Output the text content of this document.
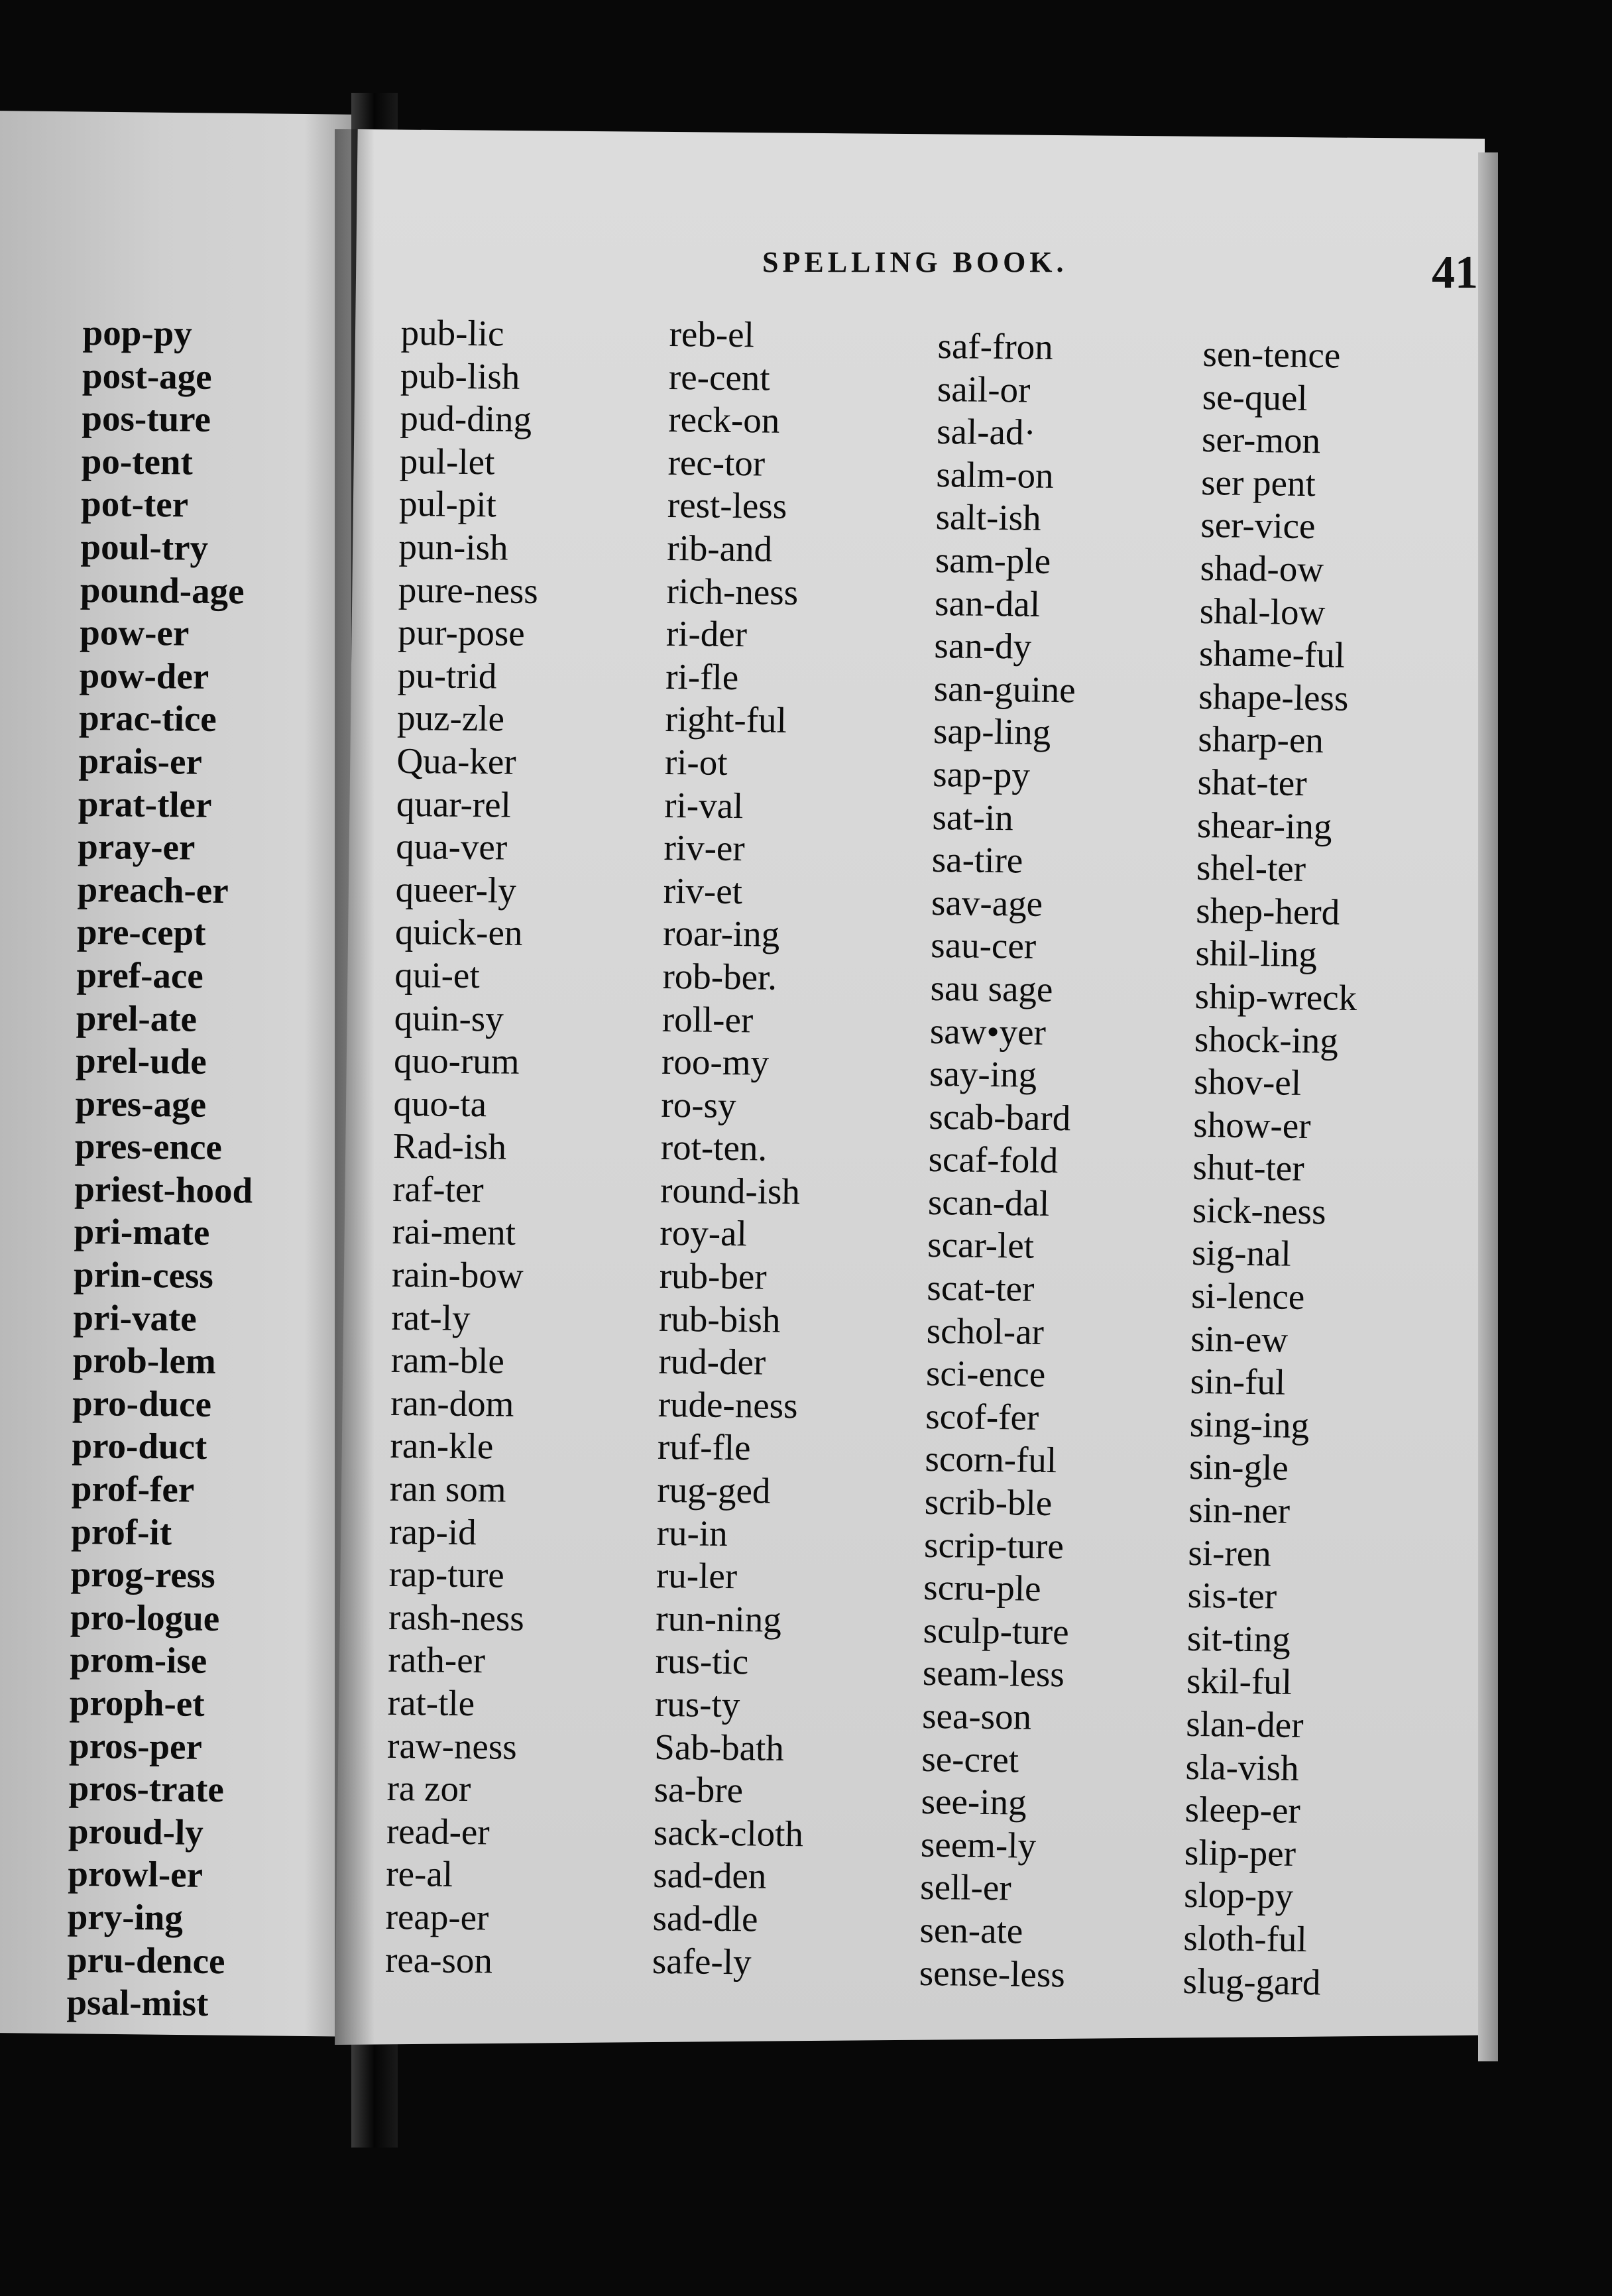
SPELLING BOOK.	41
pop-py
post-age
pos-ture
po-tent
pot-ter
poul-try
pound-age
pow-er
pow-der
prac-tice
prais-er
prat-tler
pray-er
preach-er
pre-cept
pref-ace
prel-ate
prel-ude
pres-age
pres-ence
priest-hood
pri-mate
prin-cess
pri-vate
prob-lem
pro-duce
pro-duct
prof-fer
prof-it
prog-ress
pro-logue
prom-ise
proph-et
pros-per
pros-trate
proud-ly
prowl-er
pry-ing
pru-dence
psal-mist
pub-lic
pub-lish
pud-ding
pul-let
pul-pit
pun-ish
pure-ness
pur-pose
pu-trid
puz-zle
Qua-ker
quar-rel
qua-ver
queer-ly
quick-en
qui-et
quin-sy
quo-rum
quo-ta
Rad-ish
raf-ter
rai-ment
rain-bow
rat-ly
ram-ble
ran-dom
ran-kle
ran som
rap-id
rap-ture
rash-ness
rath-er
rat-tle
raw-ness
ra zor
read-er
re-al
reap-er
rea-son
reb-el
re-cent
reck-on
rec-tor
rest-less
rib-and
rich-ness
ri-der
ri-fle
right-ful
ri-ot
ri-val
riv-er
riv-et
roar-ing
rob-ber.
roll-er
roo-my
ro-sy
rot-ten.
round-ish
roy-al
rub-ber
rub-bish
rud-der
rude-ness
ruf-fle
rug-ged
ru-in
ru-ler
run-ning
rus-tic
rus-ty
Sab-bath
sa-bre
sack-cloth
sad-den
sad-dle
safe-ly
saf-fron
sail-or
sal-ad·
salm-on
salt-ish
sam-ple
san-dal
san-dy
san-guine
sap-ling
sap-py
sat-in
sa-tire
sav-age
sau-cer
sau sage
saw•yer
say-ing
scab-bard
scaf-fold
scan-dal
scar-let
scat-ter
schol-ar
sci-ence
scof-fer
scorn-ful
scrib-ble
scrip-ture
scru-ple
sculp-ture
seam-less
sea-son
se-cret
see-ing
seem-ly
sell-er
sen-ate
sense-less
sen-tence
se-quel
ser-mon
ser pent
ser-vice
shad-ow
shal-low
shame-ful
shape-less
sharp-en
shat-ter
shear-ing
shel-ter
shep-herd
shil-ling
ship-wreck
shock-ing
shov-el
show-er
shut-ter
sick-ness
sig-nal
si-lence
sin-ew
sin-ful
sing-ing
sin-gle
sin-ner
si-ren
sis-ter
sit-ting
skil-ful
slan-der
sla-vish
sleep-er
slip-per
slop-py
sloth-ful
slug-gard
